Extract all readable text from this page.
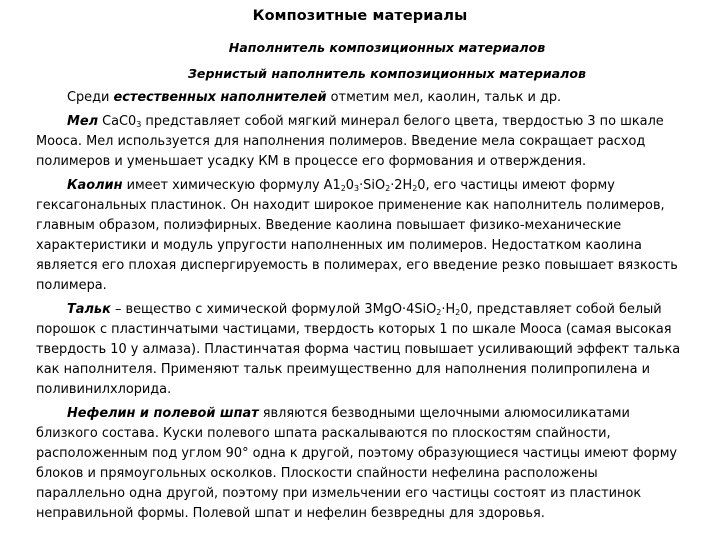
Композитные материалы
Наполнитель композиционных материалов
Зернистый наполнитель композиционных материалов

Среди естественных наполнителей отметим мел, каолин, тальк и др.

Мел $CaC0_3$ представляет собой мягкий минерал белого цвета, твердостью 3 по шкале Мооса. Мел используется для наполнения полимеров. Введение мела сокращает расход полимеров и уменьшает усадку КМ в процессе его формования и отверждения.

Каолин имеет химическую формулу $A1_20_3\cdot SiO_2\cdot 2H_20$, его частицы имеют форму гексагональных пластинок. Он находит широкое применение как наполнитель полимеров, главным образом, полиэфирных. Введение каолина повышает физико-механические характеристики и модуль упругости наполненных им полимеров. Недостатком каолина является его плохая диспергируемость в полимерах, его введение резко повышает вязкость полимера.

Тальк – вещество с химической формулой $3MgO\cdot 4SiO_2\cdot H_20$, представляет собой белый порошок с пластинчатыми частицами, твердость которых 1 по шкале Мооса (самая высокая твердость 10 у алмаза). Пластинчатая форма частиц повышает усиливающий эффект талька как наполнителя. Применяют тальк преимущественно для наполнения полипропилена и поливинилхлорида.

Нефелин и полевой шпат являются безводными щелочными алюмосиликатами близкого состава. Куски полевого шпата раскалываются по плоскостям спайности, расположенным под углом 90° одна к другой, поэтому образующиеся частицы имеют форму блоков и прямоугольных осколков. Плоскости спайности нефелина расположены параллельно одна другой, поэтому при измельчении его частицы состоят из пластинок неправильной формы. Полевой шпат и нефелин безвредны для здоровья.
